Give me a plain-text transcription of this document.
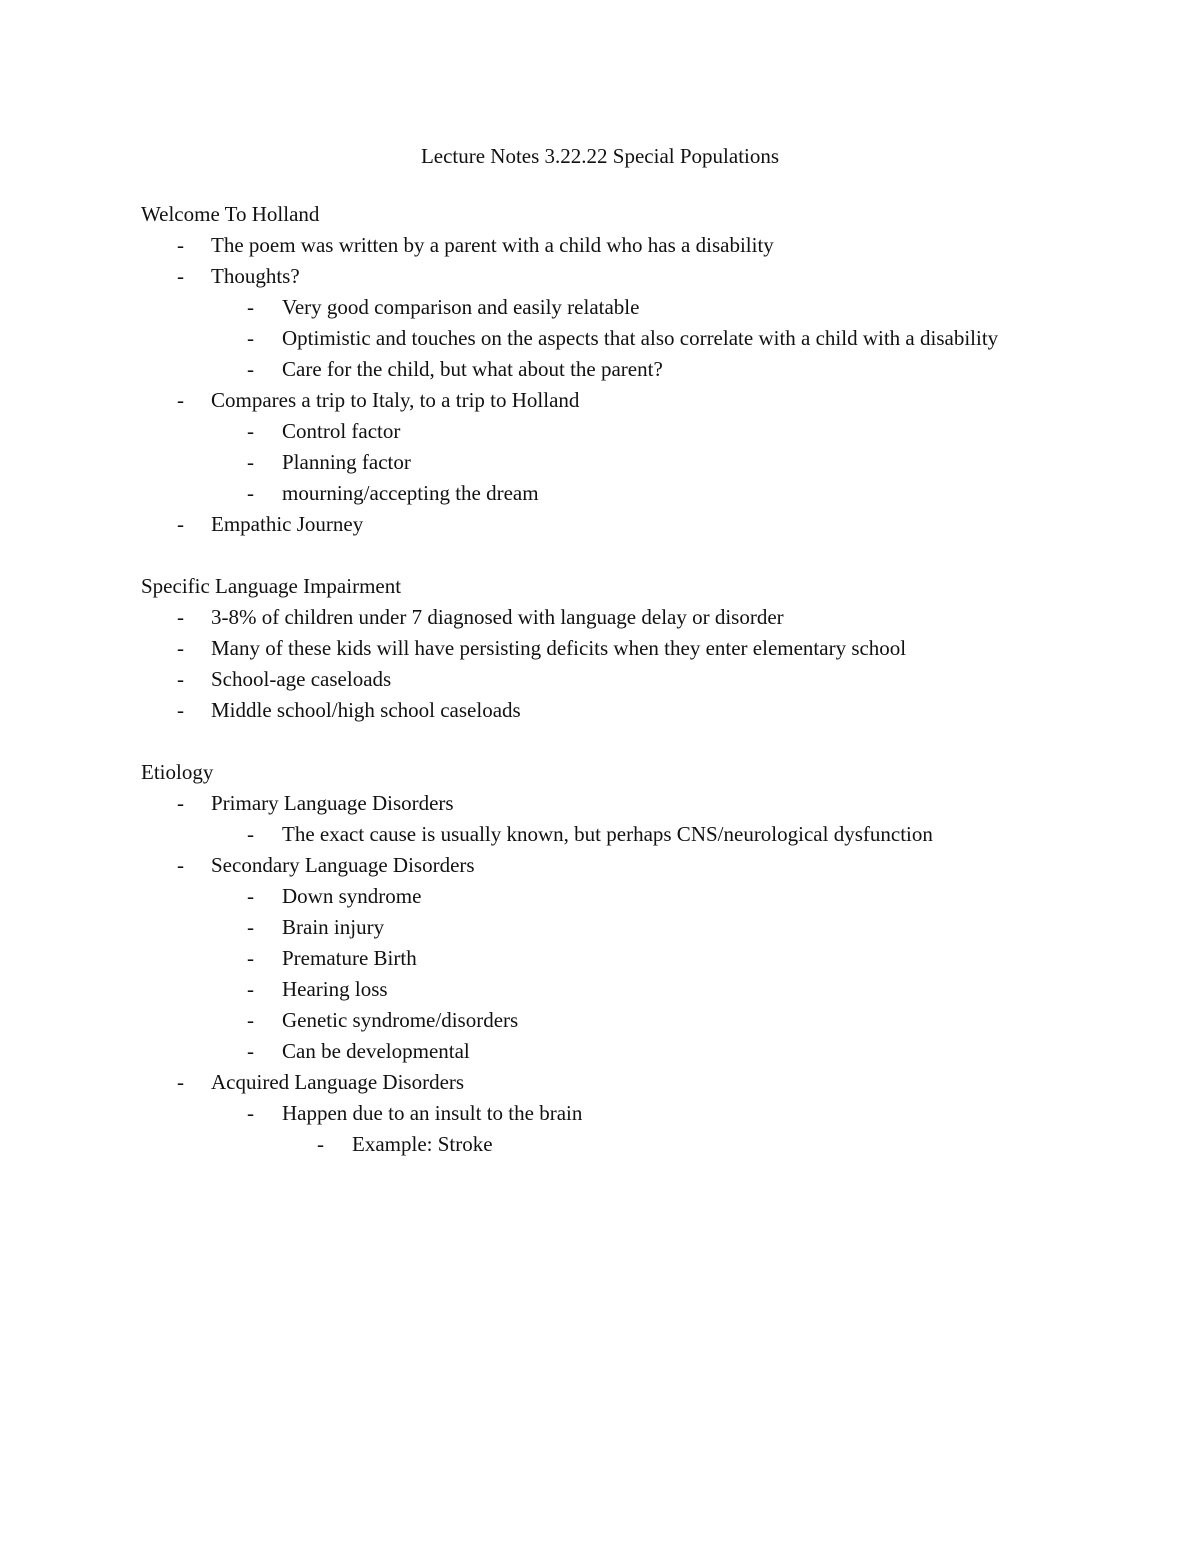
Lecture Notes 3.22.22 Special Populations
Welcome To Holland
- The poem was written by a parent with a child who has a disability
- Thoughts?
- Very good comparison and easily relatable
- Optimistic and touches on the aspects that also correlate with a child with a disability
- Care for the child, but what about the parent?
- Compares a trip to Italy, to a trip to Holland
- Control factor
- Planning factor
- mourning/accepting the dream
- Empathic Journey
Specific Language Impairment
- 3-8% of children under 7 diagnosed with language delay or disorder
- Many of these kids will have persisting deficits when they enter elementary school
- School-age caseloads
- Middle school/high school caseloads
Etiology
- Primary Language Disorders
- The exact cause is usually known, but perhaps CNS/neurological dysfunction
- Secondary Language Disorders
- Down syndrome
- Brain injury
- Premature Birth
- Hearing loss
- Genetic syndrome/disorders
- Can be developmental
- Acquired Language Disorders
- Happen due to an insult to the brain
- Example: Stroke
